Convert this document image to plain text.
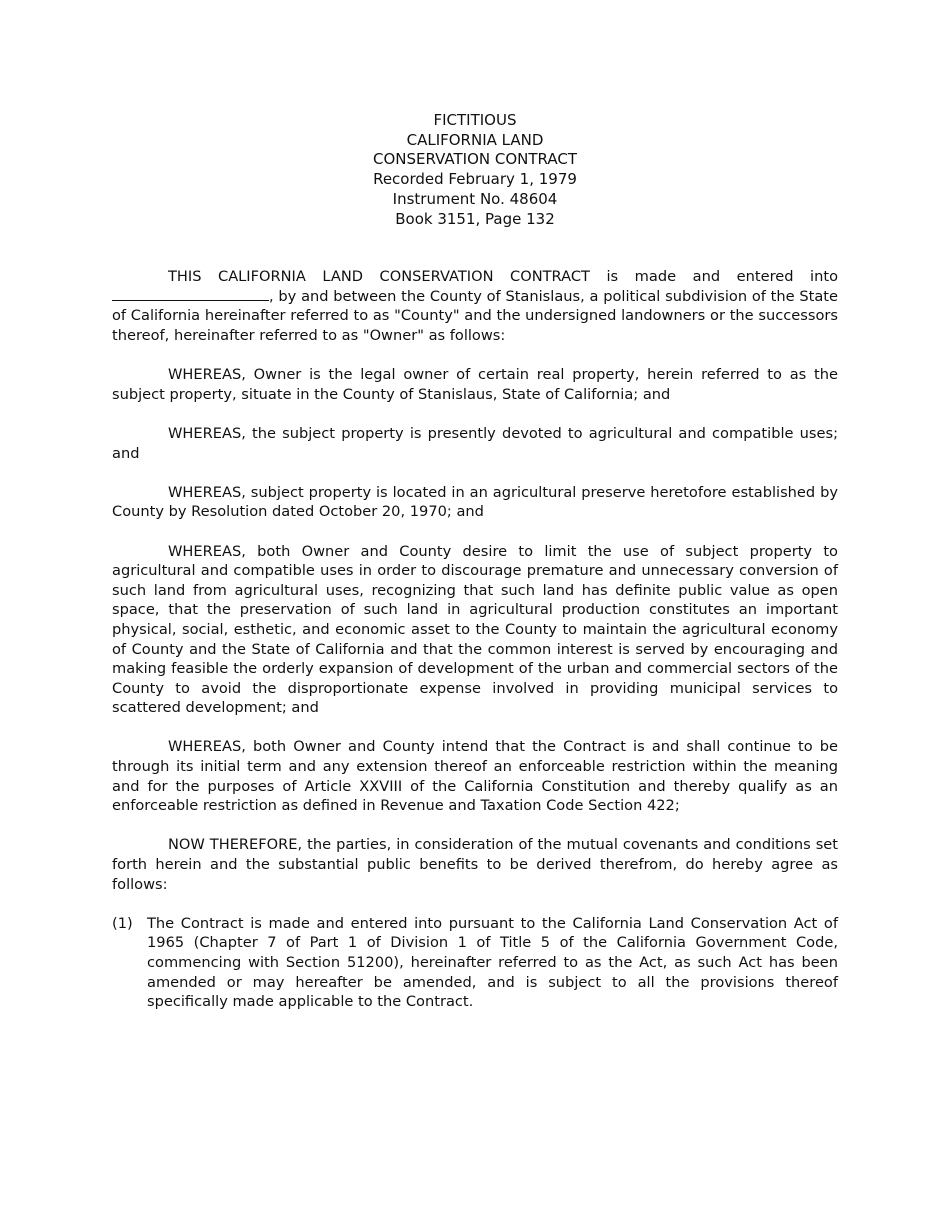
FICTITIOUS
CALIFORNIA LAND
CONSERVATION CONTRACT
Recorded February 1, 1979
Instrument No. 48604
Book 3151, Page 132

THIS CALIFORNIA LAND CONSERVATION CONTRACT is made and entered into , by and between the County of Stanislaus, a political subdivision of the State of California hereinafter referred to as "County" and the undersigned landowners or the successors thereof, hereinafter referred to as "Owner" as follows:

WHEREAS, Owner is the legal owner of certain real property, herein referred to as the subject property, situate in the County of Stanislaus, State of California; and

WHEREAS, the subject property is presently devoted to agricultural and compatible uses; and

WHEREAS, subject property is located in an agricultural preserve heretofore established by County by Resolution dated October 20, 1970; and

WHEREAS, both Owner and County desire to limit the use of subject property to agricultural and compatible uses in order to discourage premature and unnecessary conversion of such land from agricultural uses, recognizing that such land has definite public value as open space, that the preservation of such land in agricultural production constitutes an important physical, social, esthetic, and economic asset to the County to maintain the agricultural economy of County and the State of California and that the common interest is served by encouraging and making feasible the orderly expansion of development of the urban and commercial sectors of the County to avoid the disproportionate expense involved in providing municipal services to scattered development; and

WHEREAS, both Owner and County intend that the Contract is and shall continue to be through its initial term and any extension thereof an enforceable restriction within the meaning and for the purposes of Article XXVIII of the California Constitution and thereby qualify as an enforceable restriction as defined in Revenue and Taxation Code Section 422;

NOW THEREFORE, the parties, in consideration of the mutual covenants and conditions set forth herein and the substantial public benefits to be derived therefrom, do hereby agree as follows:

(1) The Contract is made and entered into pursuant to the California Land Conservation Act of 1965 (Chapter 7 of Part 1 of Division 1 of Title 5 of the California Government Code, commencing with Section 51200), hereinafter referred to as the Act, as such Act has been amended or may hereafter be amended, and is subject to all the provisions thereof specifically made applicable to the Contract.
